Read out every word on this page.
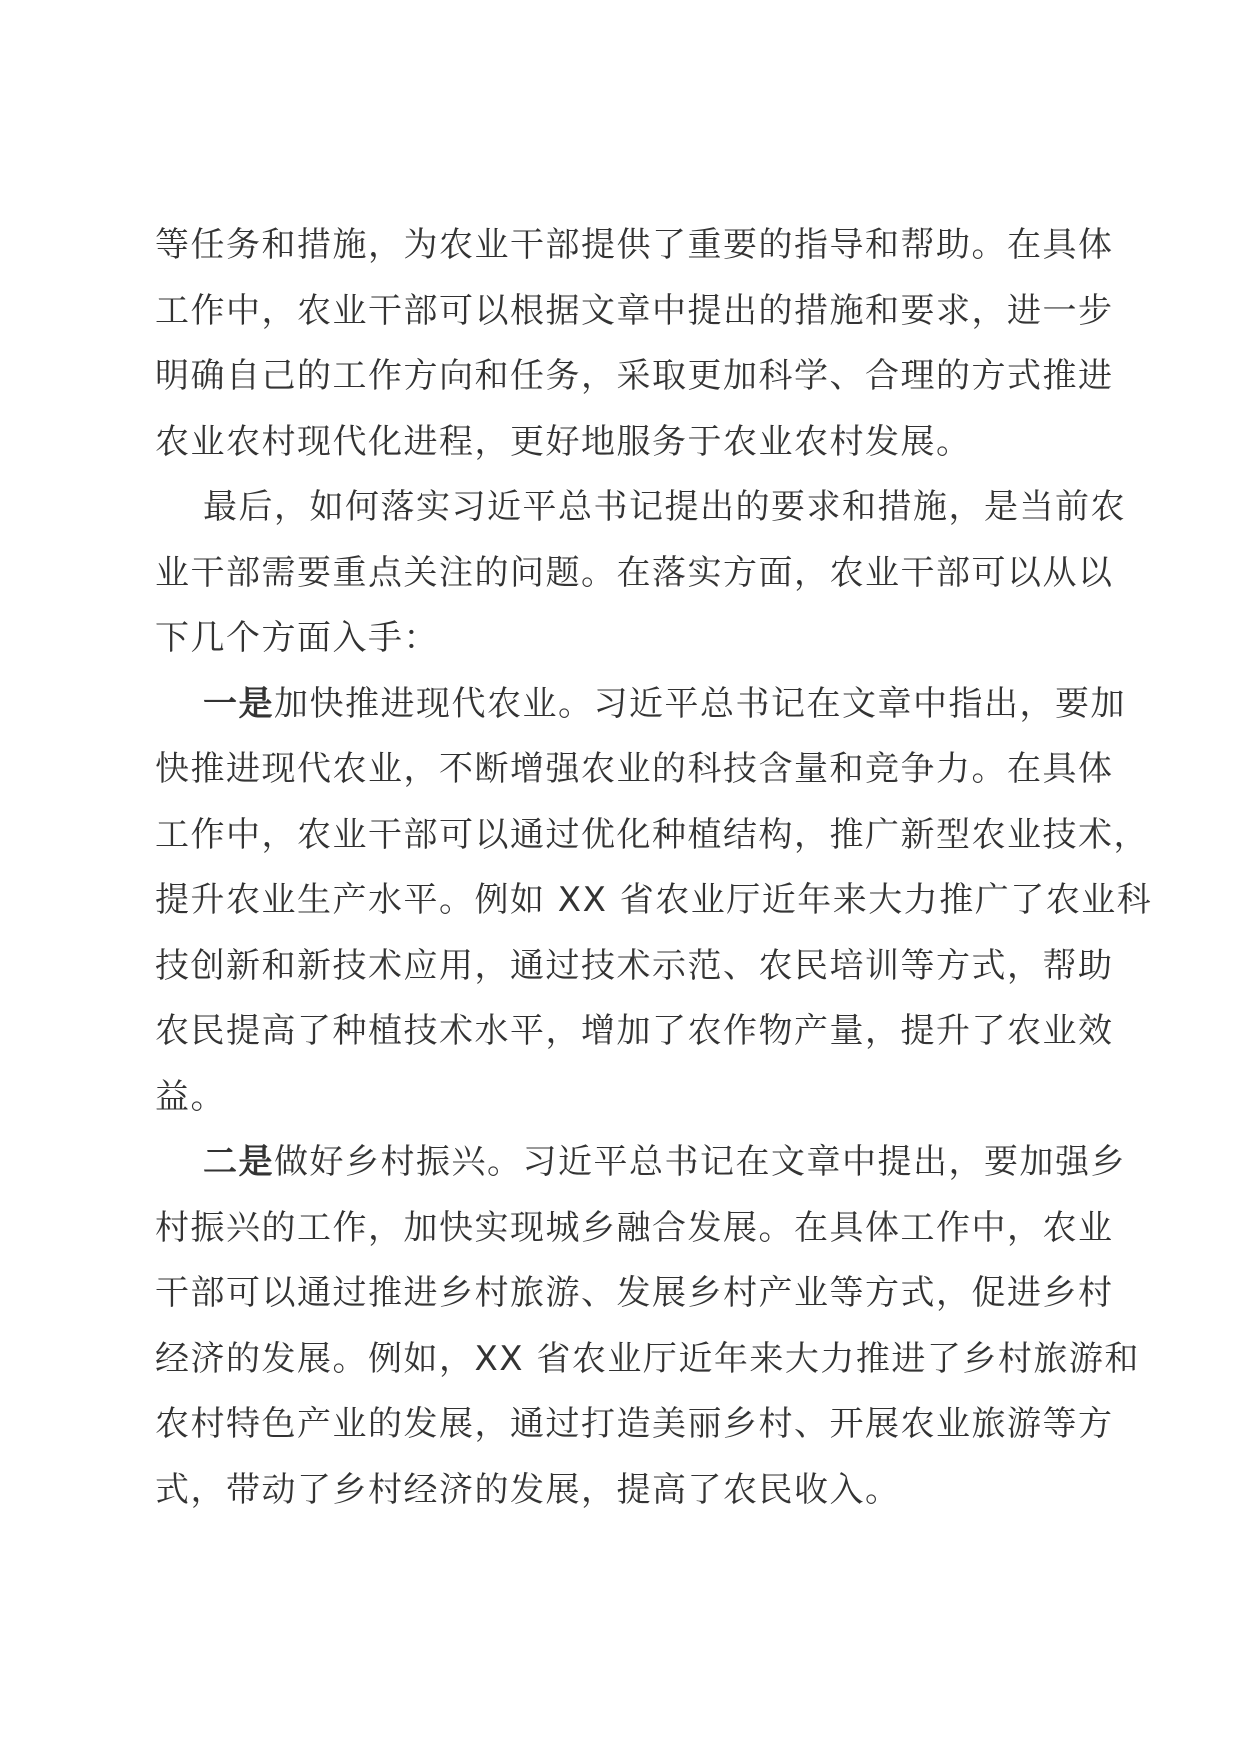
等任务和措施，为农业干部提供了重要的指导和帮助。在具体
工作中，农业干部可以根据文章中提出的措施和要求，进一步
明确自己的工作方向和任务，采取更加科学、合理的方式推进
农业农村现代化进程，更好地服务于农业农村发展。

最后，如何落实习近平总书记提出的要求和措施，是当前农
业干部需要重点关注的问题。在落实方面，农业干部可以从以
下几个方面入手：

一是加快推进现代农业。习近平总书记在文章中指出，要加
快推进现代农业，不断增强农业的科技含量和竞争力。在具体
工作中，农业干部可以通过优化种植结构，推广新型农业技术，
提升农业生产水平。例如 XX 省农业厅近年来大力推广了农业科
技创新和新技术应用，通过技术示范、农民培训等方式，帮助
农民提高了种植技术水平，增加了农作物产量，提升了农业效
益。

二是做好乡村振兴。习近平总书记在文章中提出，要加强乡
村振兴的工作，加快实现城乡融合发展。在具体工作中，农业
干部可以通过推进乡村旅游、发展乡村产业等方式，促进乡村
经济的发展。例如，XX 省农业厅近年来大力推进了乡村旅游和
农村特色产业的发展，通过打造美丽乡村、开展农业旅游等方
式，带动了乡村经济的发展，提高了农民收入。
